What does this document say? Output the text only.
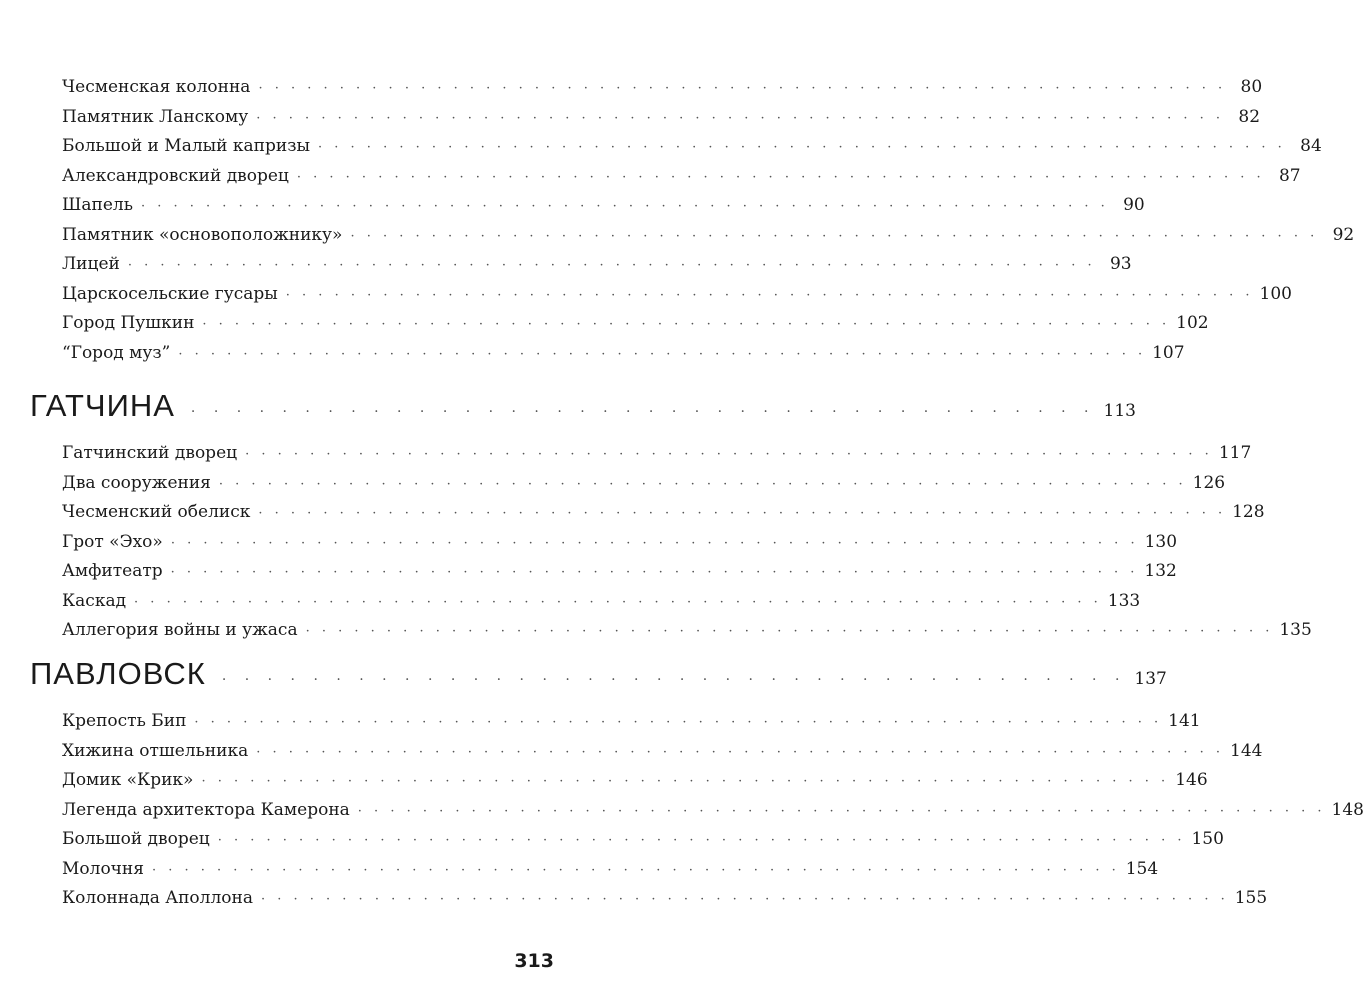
Чесменская колонна · · · · · · · · · · · · · · · · · · · · · · · · · · · · · · · · · · · · · · · · · · · · · · · · · · · · · · · · · · · · 80
Памятник Ланскому · · · · · · · · · · · · · · · · · · · · · · · · · · · · · · · · · · · · · · · · · · · · · · · · · · · · · · · · · · · · 82
Большой и Малый капризы · · · · · · · · · · · · · · · · · · · · · · · · · · · · · · · · · · · · · · · · · · · · · · · · · · · · · · · · · · · · 84
Александровский дворец · · · · · · · · · · · · · · · · · · · · · · · · · · · · · · · · · · · · · · · · · · · · · · · · · · · · · · · · · · · · 87
Шапель · · · · · · · · · · · · · · · · · · · · · · · · · · · · · · · · · · · · · · · · · · · · · · · · · · · · · · · · · · · · 90
Памятник «основоположнику» · · · · · · · · · · · · · · · · · · · · · · · · · · · · · · · · · · · · · · · · · · · · · · · · · · · · · · · · · · · · 92
Лицей · · · · · · · · · · · · · · · · · · · · · · · · · · · · · · · · · · · · · · · · · · · · · · · · · · · · · · · · · · · · 93
Царскосельские гусары · · · · · · · · · · · · · · · · · · · · · · · · · · · · · · · · · · · · · · · · · · · · · · · · · · · · · · · · · · · · 100
Город Пушкин · · · · · · · · · · · · · · · · · · · · · · · · · · · · · · · · · · · · · · · · · · · · · · · · · · · · · · · · · · · · 102
“Город муз” · · · · · · · · · · · · · · · · · · · · · · · · · · · · · · · · · · · · · · · · · · · · · · · · · · · · · · · · · · · · 107
ГАТЧИНА · · · · · · · · · · · · · · · · · · · · · · · · · · · · · · · · · · · · · · · · 113
Гатчинский дворец · · · · · · · · · · · · · · · · · · · · · · · · · · · · · · · · · · · · · · · · · · · · · · · · · · · · · · · · · · · · 117
Два сооружения · · · · · · · · · · · · · · · · · · · · · · · · · · · · · · · · · · · · · · · · · · · · · · · · · · · · · · · · · · · · 126
Чесменский обелиск · · · · · · · · · · · · · · · · · · · · · · · · · · · · · · · · · · · · · · · · · · · · · · · · · · · · · · · · · · · · 128
Грот «Эхо» · · · · · · · · · · · · · · · · · · · · · · · · · · · · · · · · · · · · · · · · · · · · · · · · · · · · · · · · · · · · 130
Амфитеатр · · · · · · · · · · · · · · · · · · · · · · · · · · · · · · · · · · · · · · · · · · · · · · · · · · · · · · · · · · · · 132
Каскад · · · · · · · · · · · · · · · · · · · · · · · · · · · · · · · · · · · · · · · · · · · · · · · · · · · · · · · · · · · · 133
Аллегория войны и ужаса · · · · · · · · · · · · · · · · · · · · · · · · · · · · · · · · · · · · · · · · · · · · · · · · · · · · · · · · · · · · 135
ПАВЛОВСК · · · · · · · · · · · · · · · · · · · · · · · · · · · · · · · · · · · · · · · · 137
Крепость Бип · · · · · · · · · · · · · · · · · · · · · · · · · · · · · · · · · · · · · · · · · · · · · · · · · · · · · · · · · · · · 141
Хижина отшельника · · · · · · · · · · · · · · · · · · · · · · · · · · · · · · · · · · · · · · · · · · · · · · · · · · · · · · · · · · · · 144
Домик «Крик» · · · · · · · · · · · · · · · · · · · · · · · · · · · · · · · · · · · · · · · · · · · · · · · · · · · · · · · · · · · · 146
Легенда архитектора Камерона · · · · · · · · · · · · · · · · · · · · · · · · · · · · · · · · · · · · · · · · · · · · · · · · · · · · · · · · · · · · 148
Большой дворец · · · · · · · · · · · · · · · · · · · · · · · · · · · · · · · · · · · · · · · · · · · · · · · · · · · · · · · · · · · · 150
Молочня · · · · · · · · · · · · · · · · · · · · · · · · · · · · · · · · · · · · · · · · · · · · · · · · · · · · · · · · · · · · 154
Колоннада Аполлона · · · · · · · · · · · · · · · · · · · · · · · · · · · · · · · · · · · · · · · · · · · · · · · · · · · · · · · · · · · · 155
313
